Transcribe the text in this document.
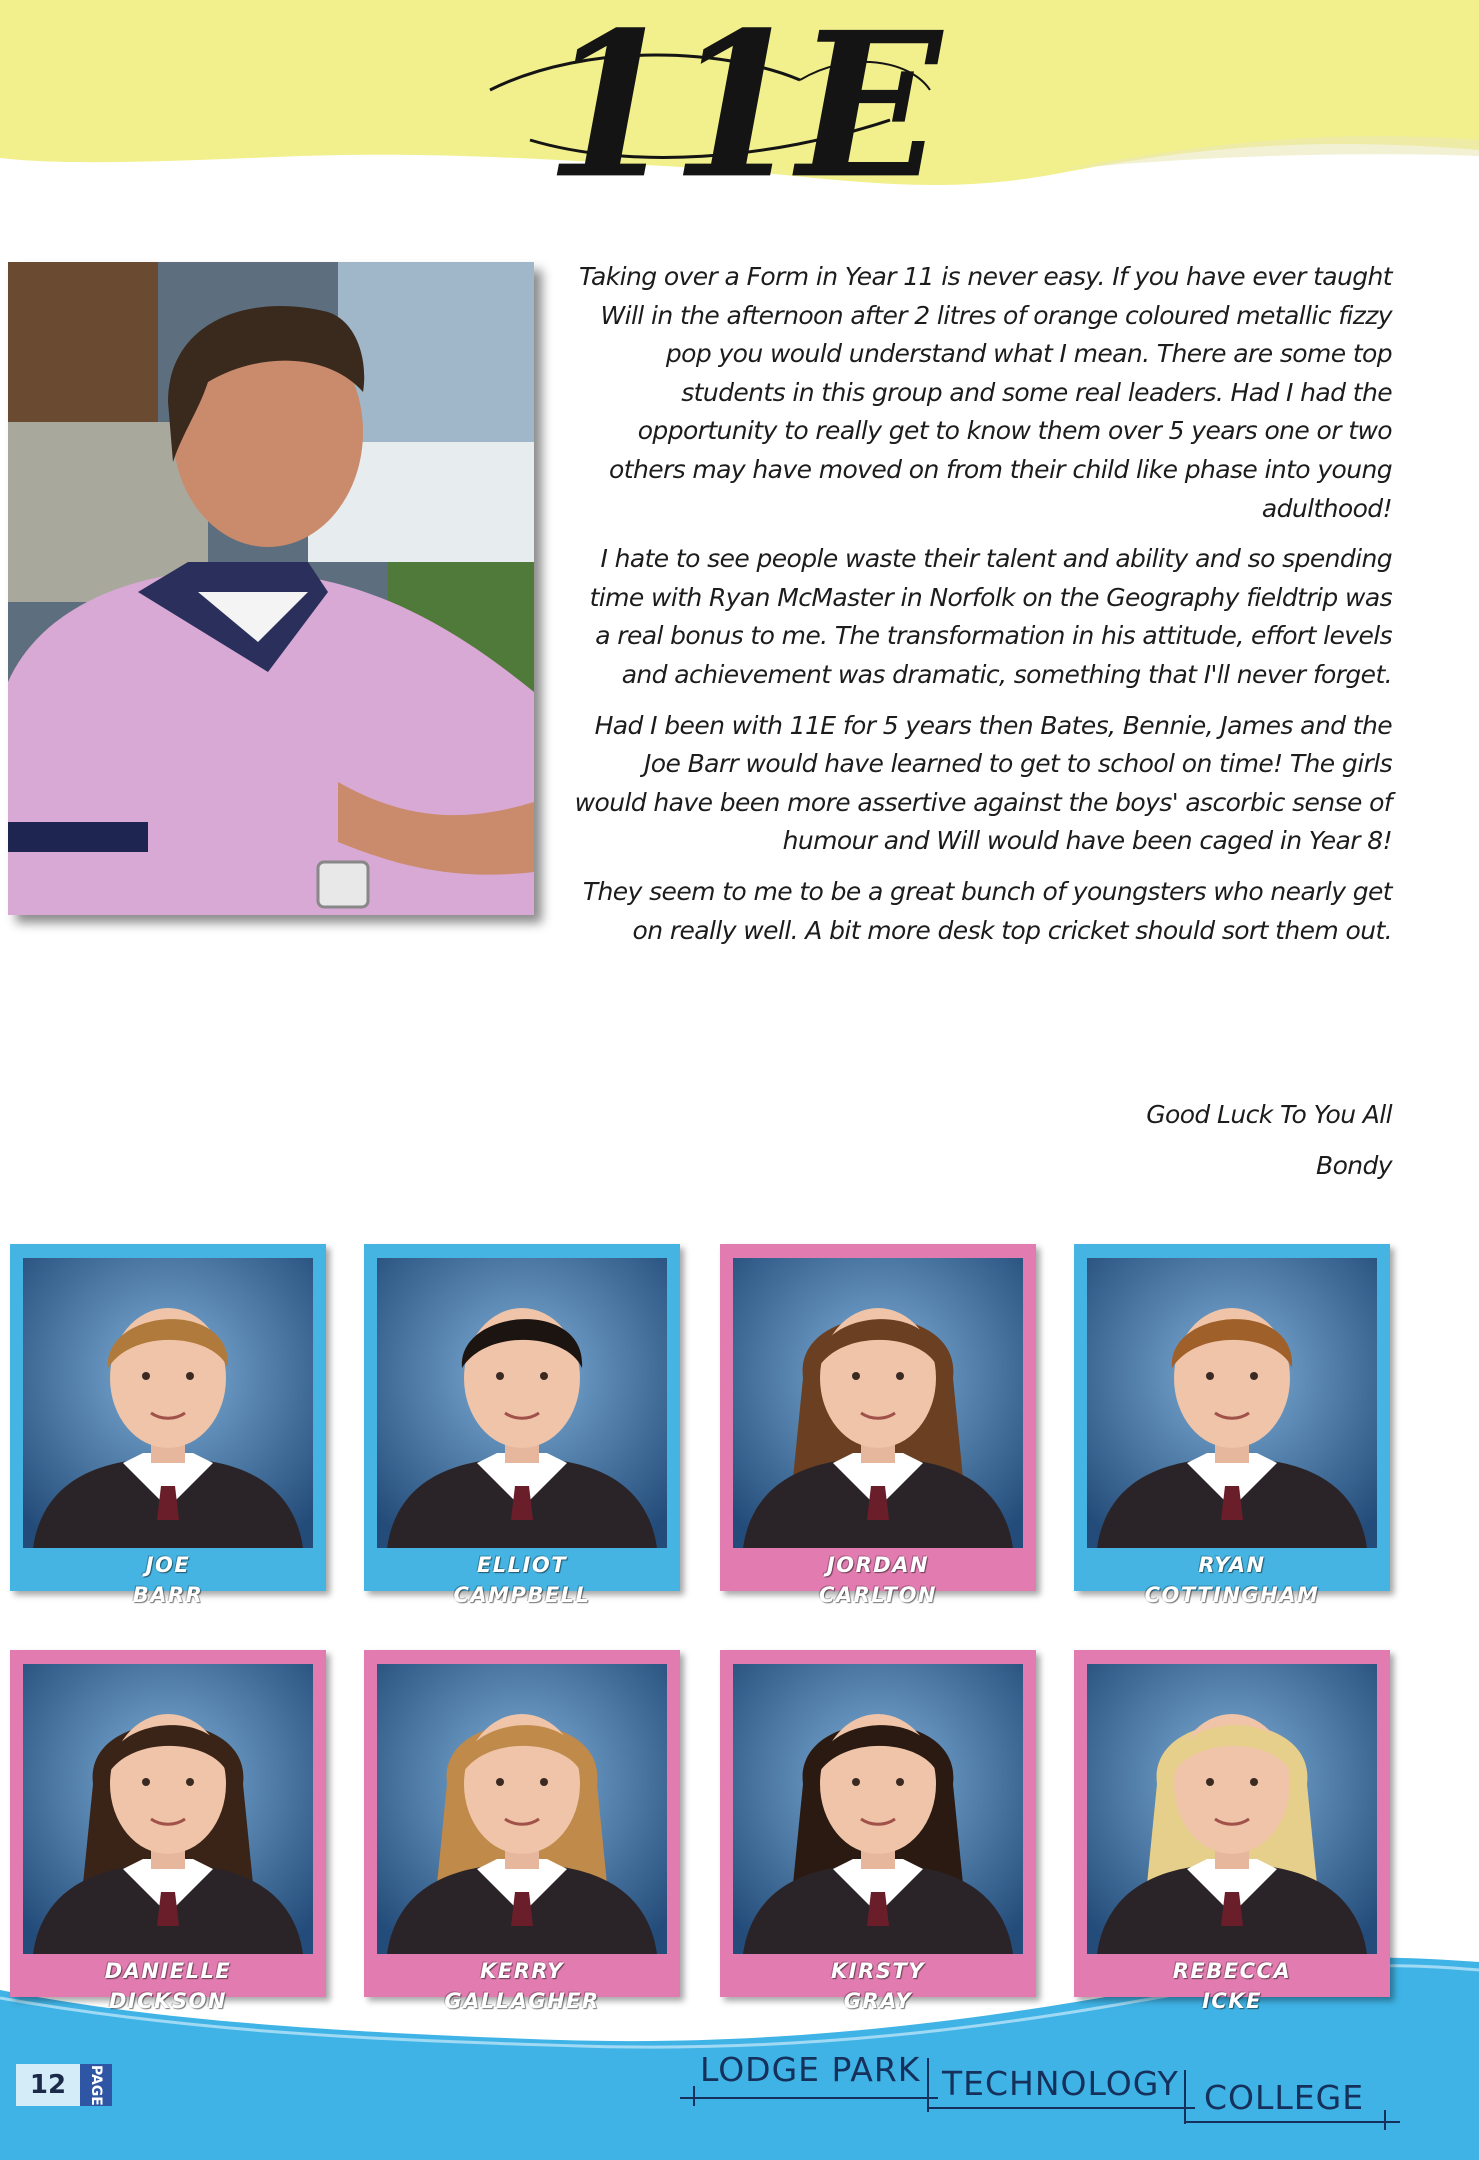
11E

Taking over a Form in Year 11 is never easy. If you have ever taught Will in the afternoon after 2 litres of orange coloured metallic fizzy pop you would understand what I mean. There are some top students in this group and some real leaders. Had I had the opportunity to really get to know them over 5 years one or two others may have moved on from their child like phase into young adulthood!

I hate to see people waste their talent and ability and so spending time with Ryan McMaster in Norfolk on the Geography fieldtrip was a real bonus to me. The transformation in his attitude, effort levels and achievement was dramatic, something that I'll never forget.

Had I been with 11E for 5 years then Bates, Bennie, James and the Joe Barr would have learned to get to school on time! The girls would have been more assertive against the boys' ascorbic sense of humour and Will would have been caged in Year 8!

They seem to me to be a great bunch of youngsters who nearly get on really well. A bit more desk top cricket should sort them out.

Good Luck To You All
Bondy
JOE
BARR
ELLIOT
CAMPBELL
JORDAN
CARLTON
RYAN
COTTINGHAM
DANIELLE
DICKSON
KERRY
GALLAGHER
KIRSTY
GRAY
REBECCA
ICKE
12	PAGE	LODGE PARK TECHNOLOGY COLLEGE
